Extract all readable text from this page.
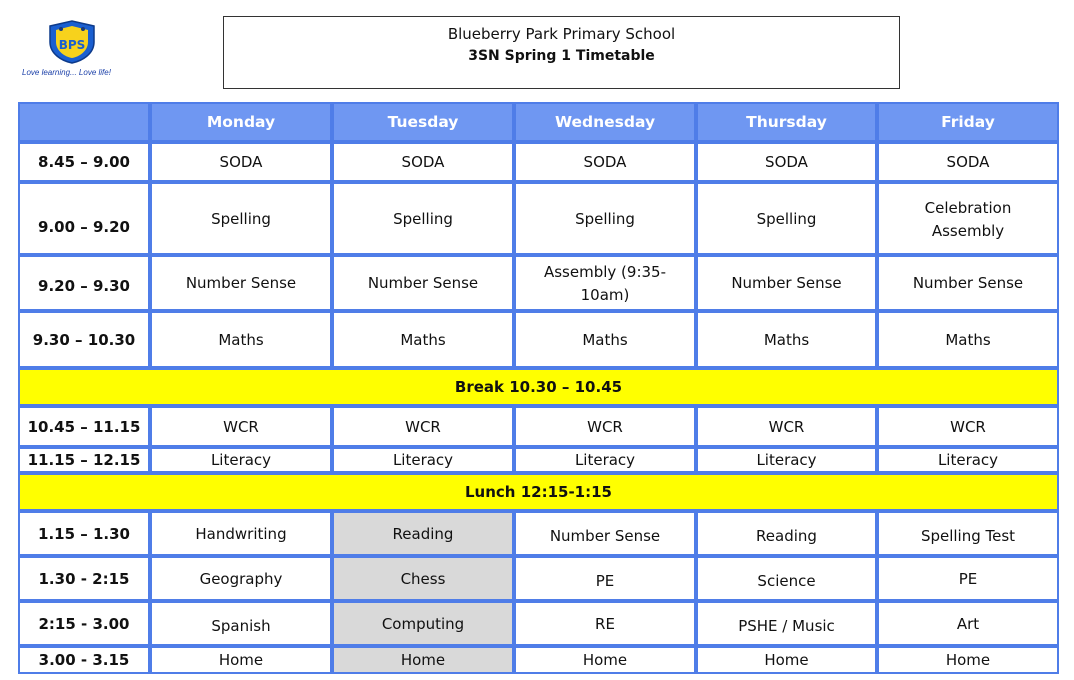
BPS
Love learning... Love life!
Blueberry Park Primary School
3SN Spring 1 Timetable
	Monday	Tuesday	Wednesday	Thursday	Friday
8.45 – 9.00	SODA	SODA	SODA	SODA	SODA
9.00 – 9.20	Spelling	Spelling	Spelling	Spelling	Celebration Assembly
9.20 – 9.30	Number Sense	Number Sense	Assembly (9:35-10am)	Number Sense	Number Sense
9.30 – 10.30	Maths	Maths	Maths	Maths	Maths
Break 10.30 – 10.45					
10.45 – 11.15	WCR	WCR	WCR	WCR	WCR
11.15 – 12.15	Literacy	Literacy	Literacy	Literacy	Literacy
Lunch 12:15-1:15					
1.15 – 1.30	Handwriting	Reading	Number Sense	Reading	Spelling Test
1.30 - 2:15	Geography	Chess	PE	Science	PE
2:15 - 3.00	Spanish	Computing	RE	PSHE / Music	Art
3.00 - 3.15	Home	Home	Home	Home	Home
